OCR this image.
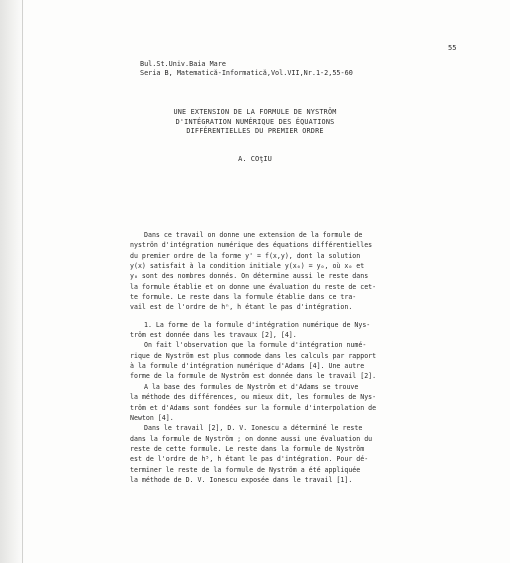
55
Bul.St.Univ.Baia Mare
Seria B, Matematică-Informatică,Vol.VII,Nr.1-2,55-60
UNE EXTENSION DE LA FORMULE DE NYSTRÖM
D'INTÉGRATION NUMÉRIQUE DES ÉQUATIONS
DIFFÉRENTIELLES DU PREMIER ORDRE
A. COţIU
Dans ce travail on donne une extension de la formule de
nyströn d'intégration numérique des équations différentielles
du premier ordre de la forme y' = f(x,y), dont la solution
y(x) satisfait à la condition initiale y(x₀) = y₀, où x₀ et
y₀ sont des nombres donnés. On détermine aussi le reste dans
la formule établie et on donne une évaluation du reste de cet-
te formule. Le reste dans la formule établie dans ce tra-
vail est de l'ordre de hⁿ, h étant le pas d'intégration.
1. La forme de la formule d'intégration numérique de Nys-
tröm est donnée dans les travaux [2], [4].
On fait l'observation que la formule d'intégration numé-
rique de Nyström est plus commode dans les calculs par rapport
à la formule d'intégration numérique d'Adams [4]. Une autre
forme de la formule de Nyström est donnée dans le travail [2].
A la base des formules de Nyström et d'Adams se trouve
la méthode des différences, ou mieux dit, les formules de Nys-
tröm et d'Adams sont fondées sur la formule d'interpolation de
Newton [4].
Dans le travail [2], D. V. Ionescu a déterminé le reste
dans la formule de Nyström ; on donne aussi une évaluation du
reste de cette formule. Le reste dans la formule de Nyström
est de l'ordre de h⁵, h étant le pas d'intégration. Pour dé-
terminer le reste de la formule de Nyström a été appliquée
la méthode de D. V. Ionescu exposée dans le travail [1].
